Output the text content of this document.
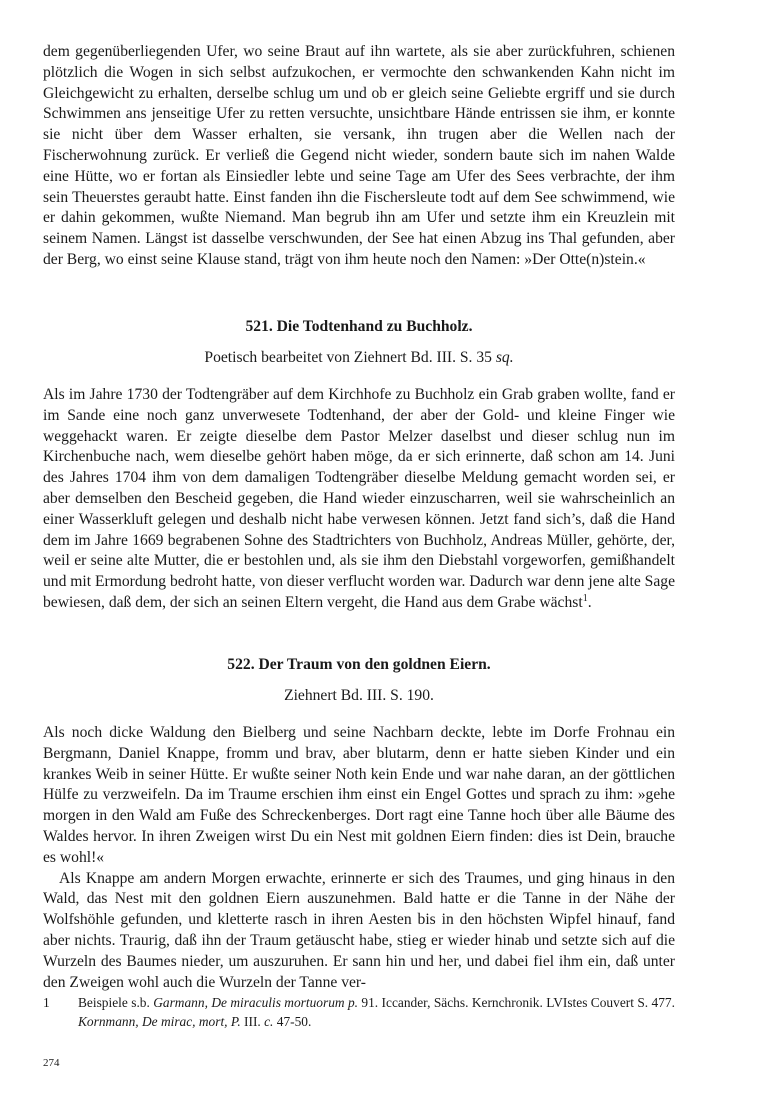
dem gegenüberliegenden Ufer, wo seine Braut auf ihn wartete, als sie aber zurückfuhren, schienen plötzlich die Wogen in sich selbst aufzukochen, er vermochte den schwankenden Kahn nicht im Gleichgewicht zu erhalten, derselbe schlug um und ob er gleich seine Geliebte ergriff und sie durch Schwimmen ans jenseitige Ufer zu retten versuchte, unsichtbare Hände entrissen sie ihm, er konnte sie nicht über dem Wasser erhalten, sie versank, ihn trugen aber die Wellen nach der Fischerwohnung zurück. Er verließ die Gegend nicht wieder, sondern baute sich im nahen Walde eine Hütte, wo er fortan als Einsiedler lebte und seine Tage am Ufer des Sees verbrachte, der ihm sein Theuerstes geraubt hatte. Einst fanden ihn die Fischersleute todt auf dem See schwimmend, wie er dahin gekommen, wußte Niemand. Man begrub ihn am Ufer und setzte ihm ein Kreuzlein mit seinem Namen. Längst ist dasselbe verschwunden, der See hat einen Abzug ins Thal gefunden, aber der Berg, wo einst seine Klause stand, trägt von ihm heute noch den Namen: »Der Otte(n)stein.«

521. Die Todtenhand zu Buchholz.
Poetisch bearbeitet von Ziehnert Bd. III. S. 35 sq.

Als im Jahre 1730 der Todtengräber auf dem Kirchhofe zu Buchholz ein Grab graben wollte, fand er im Sande eine noch ganz unverwesete Todtenhand, der aber der Gold- und kleine Finger wie weggehackt waren. Er zeigte dieselbe dem Pastor Melzer daselbst und dieser schlug nun im Kirchenbuche nach, wem dieselbe gehört haben möge, da er sich erinnerte, daß schon am 14. Juni des Jahres 1704 ihm von dem damaligen Todtengräber dieselbe Meldung gemacht worden sei, er aber demselben den Bescheid gegeben, die Hand wieder einzuscharren, weil sie wahrscheinlich an einer Wasserkluft gelegen und deshalb nicht habe verwesen können. Jetzt fand sich’s, daß die Hand dem im Jahre 1669 begrabenen Sohne des Stadtrichters von Buchholz, Andreas Müller, gehörte, der, weil er seine alte Mutter, die er bestohlen und, als sie ihm den Diebstahl vorgeworfen, gemißhandelt und mit Ermordung bedroht hatte, von dieser verflucht worden war. Dadurch war denn jene alte Sage bewiesen, daß dem, der sich an seinen Eltern vergeht, die Hand aus dem Grabe wächst$^1$.

522. Der Traum von den goldnen Eiern.
Ziehnert Bd. III. S. 190.

Als noch dicke Waldung den Bielberg und seine Nachbarn deckte, lebte im Dorfe Frohnau ein Bergmann, Daniel Knappe, fromm und brav, aber blutarm, denn er hatte sieben Kinder und ein krankes Weib in seiner Hütte. Er wußte seiner Noth kein Ende und war nahe daran, an der göttlichen Hülfe zu verzweifeln. Da im Traume erschien ihm einst ein Engel Gottes und sprach zu ihm: »gehe morgen in den Wald am Fuße des Schreckenberges. Dort ragt eine Tanne hoch über alle Bäume des Waldes hervor. In ihren Zweigen wirst Du ein Nest mit goldnen Eiern finden: dies ist Dein, brauche es wohl!«

Als Knappe am andern Morgen erwachte, erinnerte er sich des Traumes, und ging hinaus in den Wald, das Nest mit den goldnen Eiern auszunehmen. Bald hatte er die Tanne in der Nähe der Wolfshöhle gefunden, und kletterte rasch in ihren Aesten bis in den höchsten Wipfel hinauf, fand aber nichts. Traurig, daß ihn der Traum getäuscht habe, stieg er wieder hinab und setzte sich auf die Wurzeln des Baumes nieder, um auszuruhen. Er sann hin und her, und dabei fiel ihm ein, daß unter den Zweigen wohl auch die Wurzeln der Tanne ver-

1 Beispiele s.b. Garmann, De miraculis mortuorum p. 91. Iccander, Sächs. Kernchronik. LVIstes Couvert S. 477. Kornmann, De mirac, mort, P. III. c. 47-50.
274
